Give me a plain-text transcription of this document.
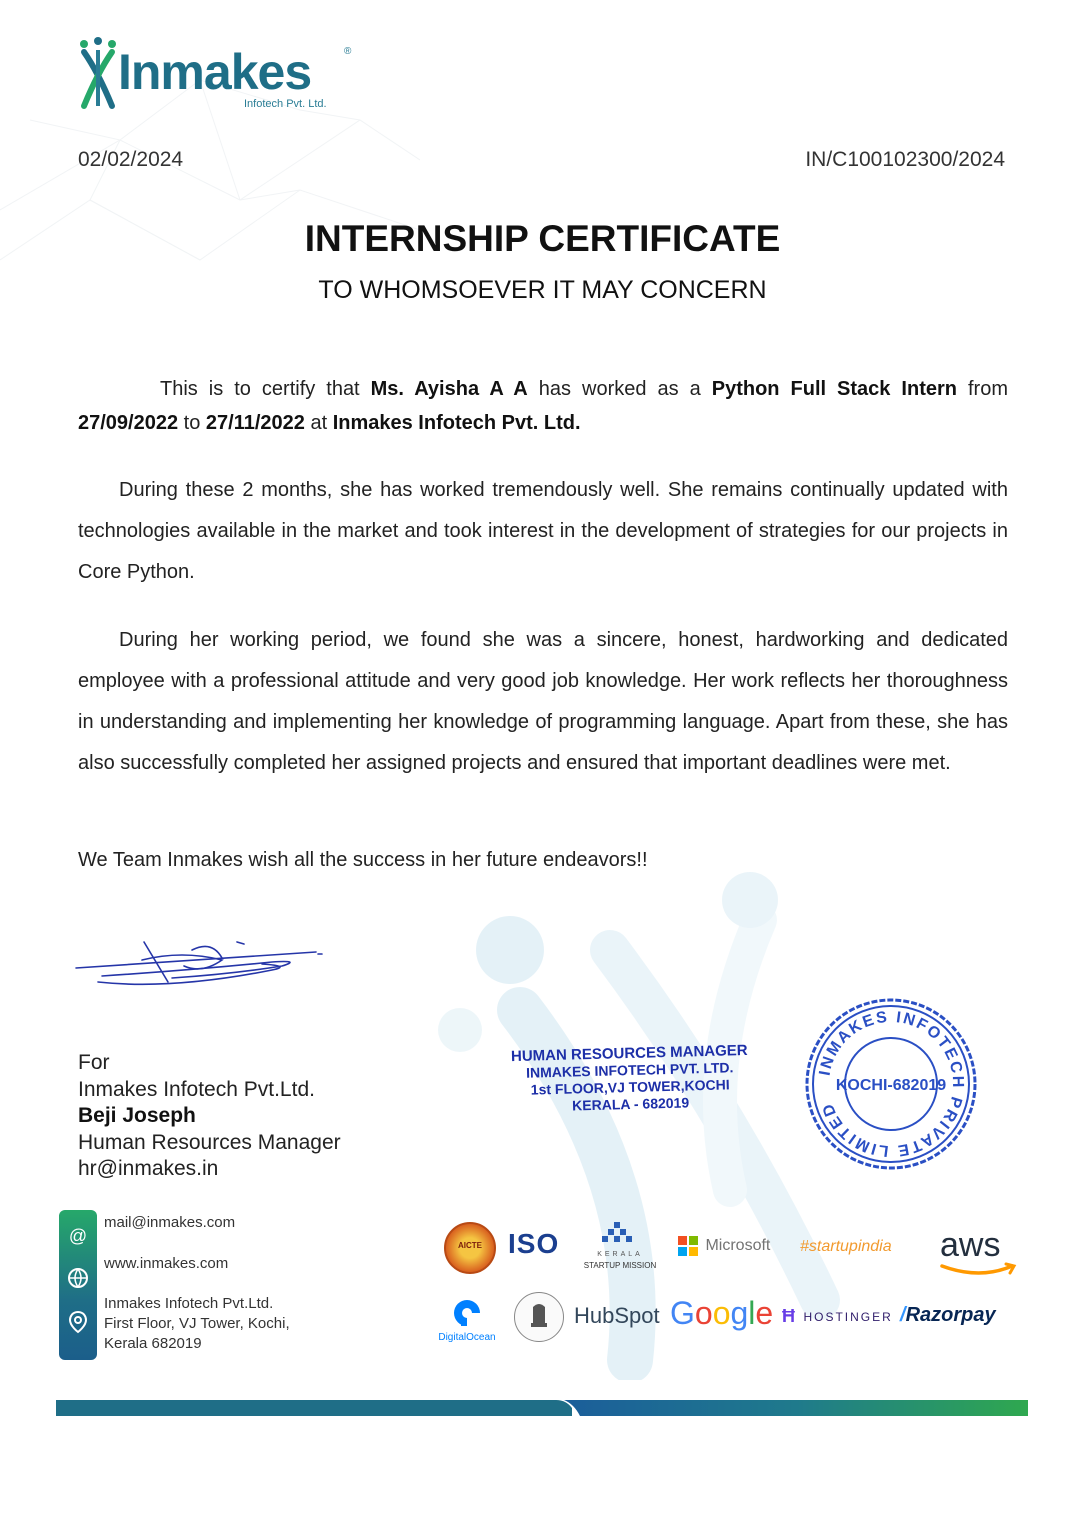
Inmakes	®
Infotech Pvt. Ltd.
02/02/2024	IN/C100102300/2024
INTERNSHIP CERTIFICATE
TO WHOMSOEVER IT MAY CONCERN
This is to certify that Ms. Ayisha A A has worked as a Python Full Stack Intern from 27/09/2022 to 27/11/2022 at Inmakes Infotech Pvt. Ltd.
During these 2 months, she has worked tremendously well. She remains continually updated with technologies available in the market and took interest in the development of strategies for our projects in Core Python.
During her working period, we found she was a sincere, honest, hardworking and dedicated employee with a professional attitude and very good job knowledge. Her work reflects her thoroughness in understanding and implementing her knowledge of programming language. Apart from these, she has also successfully completed her assigned projects and ensured that important deadlines were met.
We Team Inmakes wish all the success in her future endeavors!!
For
Inmakes Infotech Pvt.Ltd.
Beji Joseph
Human Resources Manager
hr@inmakes.in
HUMAN RESOURCES MANAGER
INMAKES INFOTECH PVT. LTD.
1st FLOOR,VJ TOWER,KOCHI
KERALA - 682019
INMAKES INFOTECH PRIVATE LIMITED
KOCHI-682019
@
mail@inmakes.com
www.inmakes.com
Inmakes Infotech Pvt.Ltd.
First Floor, VJ Tower, Kochi,
Kerala 682019
AICTE ISO	KERALA
STARTUP MISSION
Microsoft #startupindia aws
DigitalOcean
HubSpot Google Ħ HOSTINGER /Razorpay
